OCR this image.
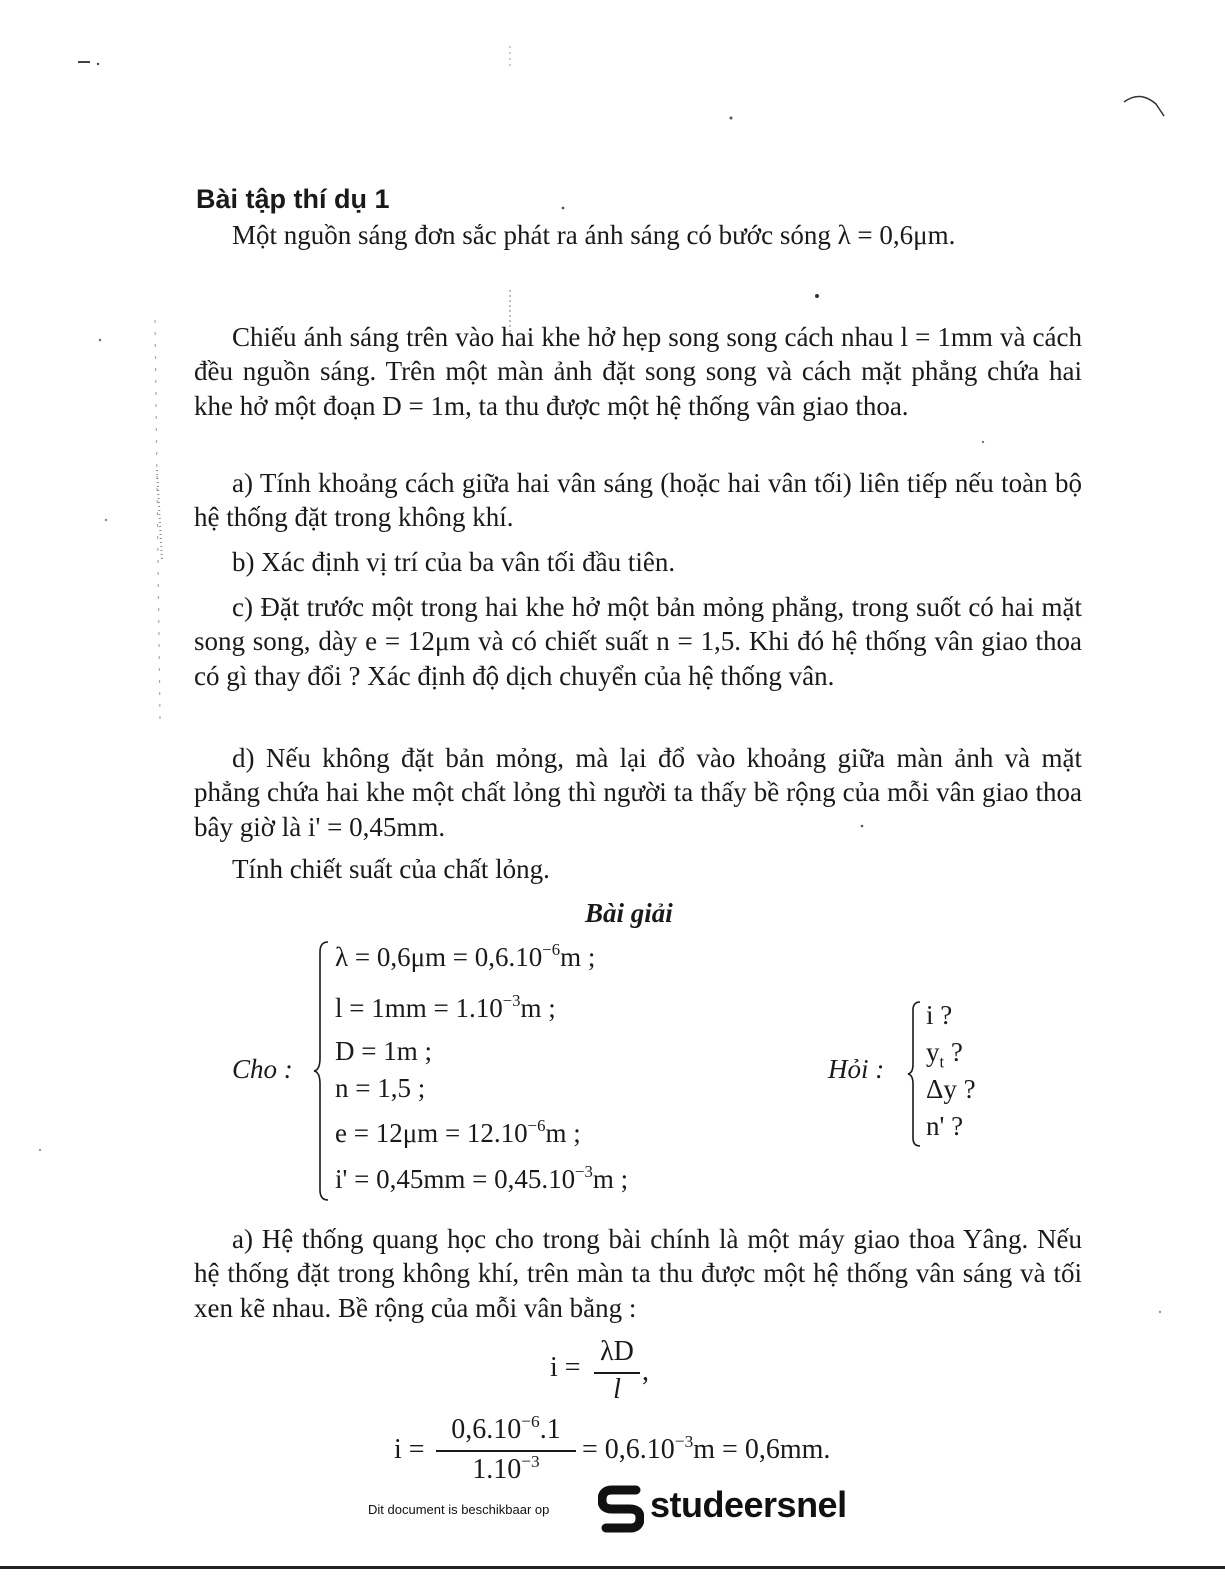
Bài tập thí dụ 1

Một nguồn sáng đơn sắc phát ra ánh sáng có bước sóng λ = 0,6μm.

Chiếu ánh sáng trên vào hai khe hở hẹp song song cách nhau l = 1mm và cách đều nguồn sáng. Trên một màn ảnh đặt song song và cách mặt phẳng chứa hai khe hở một đoạn D = 1m, ta thu được một hệ thống vân giao thoa.

a) Tính khoảng cách giữa hai vân sáng (hoặc hai vân tối) liên tiếp nếu toàn bộ hệ thống đặt trong không khí.

b) Xác định vị trí của ba vân tối đầu tiên.

c) Đặt trước một trong hai khe hở một bản mỏng phẳng, trong suốt có hai mặt song song, dày e = 12μm và có chiết suất n = 1,5. Khi đó hệ thống vân giao thoa có gì thay đổi ? Xác định độ dịch chuyển của hệ thống vân.

d) Nếu không đặt bản mỏng, mà lại đổ vào khoảng giữa màn ảnh và mặt phẳng chứa hai khe một chất lỏng thì người ta thấy bề rộng của mỗi vân giao thoa bây giờ là i' = 0,45mm.

Tính chiết suất của chất lỏng.

Bài giải
Cho :
$\lambda = 0,6\mu m = 0,6.10^{-6}m$ ;
$l = 1mm = 1.10^{-3}m$ ;
D = 1m ;
n = 1,5 ;
$e = 12\mu m = 12.10^{-6}m$ ;
$i' = 0,45mm = 0,45.10^{-3}m$ ;
Hỏi :
i ?
$y_t$ ?
Δy ?
n' ?

a) Hệ thống quang học cho trong bài chính là một máy giao thoa Yâng. Nếu hệ thống đặt trong không khí, trên màn ta thu được một hệ thống vân sáng và tối xen kẽ nhau. Bề rộng của mỗi vân bằng :

i =
λD
l
,
i =
$0,6.10^{-6}.1$
$1.10^{-3}$	= $0,6.10^{-3}m = 0,6mm$.
Dit document is beschikbaar op	studeersnel
